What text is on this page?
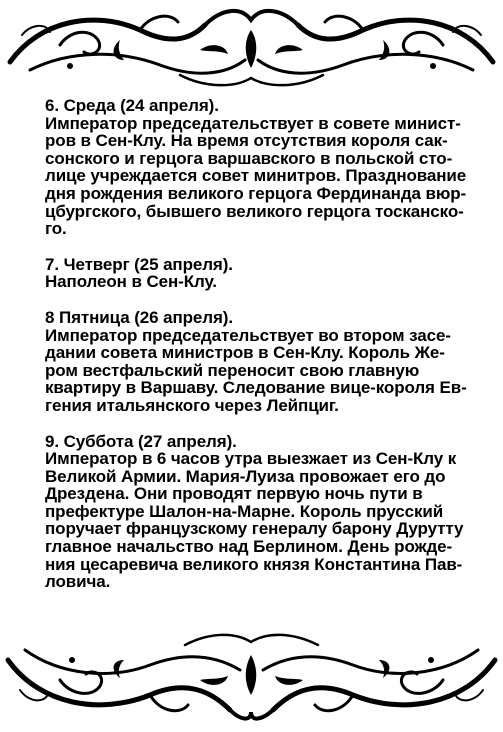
6. Среда (24 апреля).
Император председательствует в совете минист-
ров в Сен-Клу. На время отсутствия короля сак-
сонского и герцога варшавского в польской сто-
лице учреждается совет минитров. Празднование
дня рождения великого герцога Фердинанда вюр-
цбургского, бывшего великого герцога тосканско-
го.
7. Четверг (25 апреля).
Наполеон в Сен-Клу.
8 Пятница (26 апреля).
Император председательствует во втором засе-
дании совета министров в Сен-Клу. Король Же-
ром вестфальский переносит свою главную
квартиру в Варшаву. Следование вице-короля Ев-
гения итальянского через Лейпциг.
9. Суббота (27 апреля).
Император в 6 часов утра выезжает из Сен-Клу к
Великой Армии. Мария-Луиза провожает его до
Дрездена. Они проводят первую ночь пути в
префектуре Шалон-на-Марне. Король прусский
поручает французскому генералу барону Дурутту
главное начальство над Берлином. День рожде-
ния цесаревича великого князя Константина Пав-
ловича.
